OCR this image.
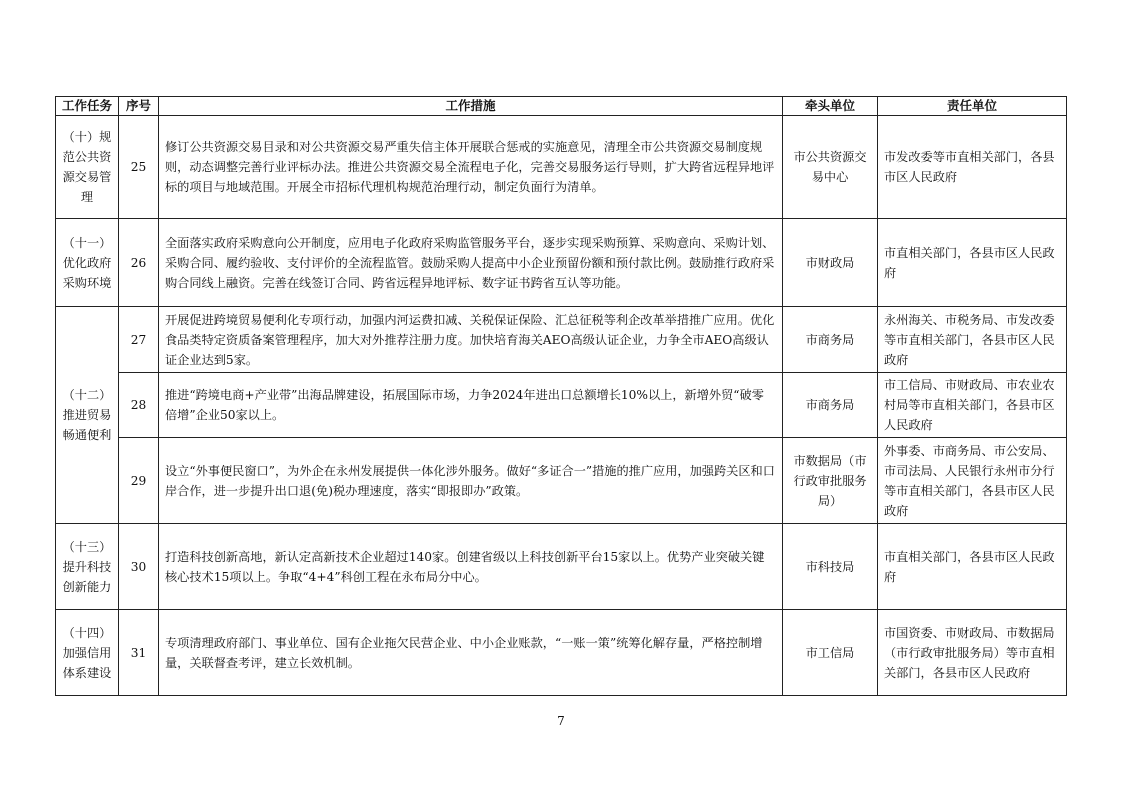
工作任务	序号	工作措施	牵头单位	责任单位
（十）规范公共资源交易管理	25	修订公共资源交易目录和对公共资源交易严重失信主体开展联合惩戒的实施意见，清理全市公共资源交易制度规则，动态调整完善行业评标办法。推进公共资源交易全流程电子化，完善交易服务运行导则，扩大跨省远程异地评标的项目与地域范围。开展全市招标代理机构规范治理行动，制定负面行为清单。	市公共资源交易中心	市发改委等市直相关部门，各县市区人民政府
（十一）优化政府采购环境	26	全面落实政府采购意向公开制度，应用电子化政府采购监管服务平台，逐步实现采购预算、采购意向、采购计划、采购合同、履约验收、支付评价的全流程监管。鼓励采购人提高中小企业预留份额和预付款比例。鼓励推行政府采购合同线上融资。完善在线签订合同、跨省远程异地评标、数字证书跨省互认等功能。	市财政局	市直相关部门，各县市区人民政府
（十二）推进贸易畅通便利	27	开展促进跨境贸易便利化专项行动，加强内河运费扣减、关税保证保险、汇总征税等利企改革举措推广应用。优化食品类特定资质备案管理程序，加大对外推荐注册力度。加快培育海关AEO高级认证企业，力争全市AEO高级认证企业达到5家。	市商务局	永州海关、市税务局、市发改委等市直相关部门，各县市区人民政府
	28	推进“跨境电商+产业带”出海品牌建设，拓展国际市场，力争2024年进出口总额增长10%以上，新增外贸“破零倍增”企业50家以上。	市商务局	市工信局、市财政局、市农业农村局等市直相关部门，各县市区人民政府
	29	设立“外事便民窗口”，为外企在永州发展提供一体化涉外服务。做好“多证合一”措施的推广应用，加强跨关区和口岸合作，进一步提升出口退(免)税办理速度，落实“即报即办”政策。	市数据局（市行政审批服务局）	外事委、市商务局、市公安局、市司法局、人民银行永州市分行等市直相关部门，各县市区人民政府
（十三）提升科技创新能力	30	打造科技创新高地，新认定高新技术企业超过140家。创建省级以上科技创新平台15家以上。优势产业突破关键核心技术15项以上。争取“4+4”科创工程在永布局分中心。	市科技局	市直相关部门，各县市区人民政府
（十四）加强信用体系建设	31	专项清理政府部门、事业单位、国有企业拖欠民营企业、中小企业账款，“一账一策”统筹化解存量，严格控制增量，关联督查考评，建立长效机制。	市工信局	市国资委、市财政局、市数据局（市行政审批服务局）等市直相关部门，各县市区人民政府
7
